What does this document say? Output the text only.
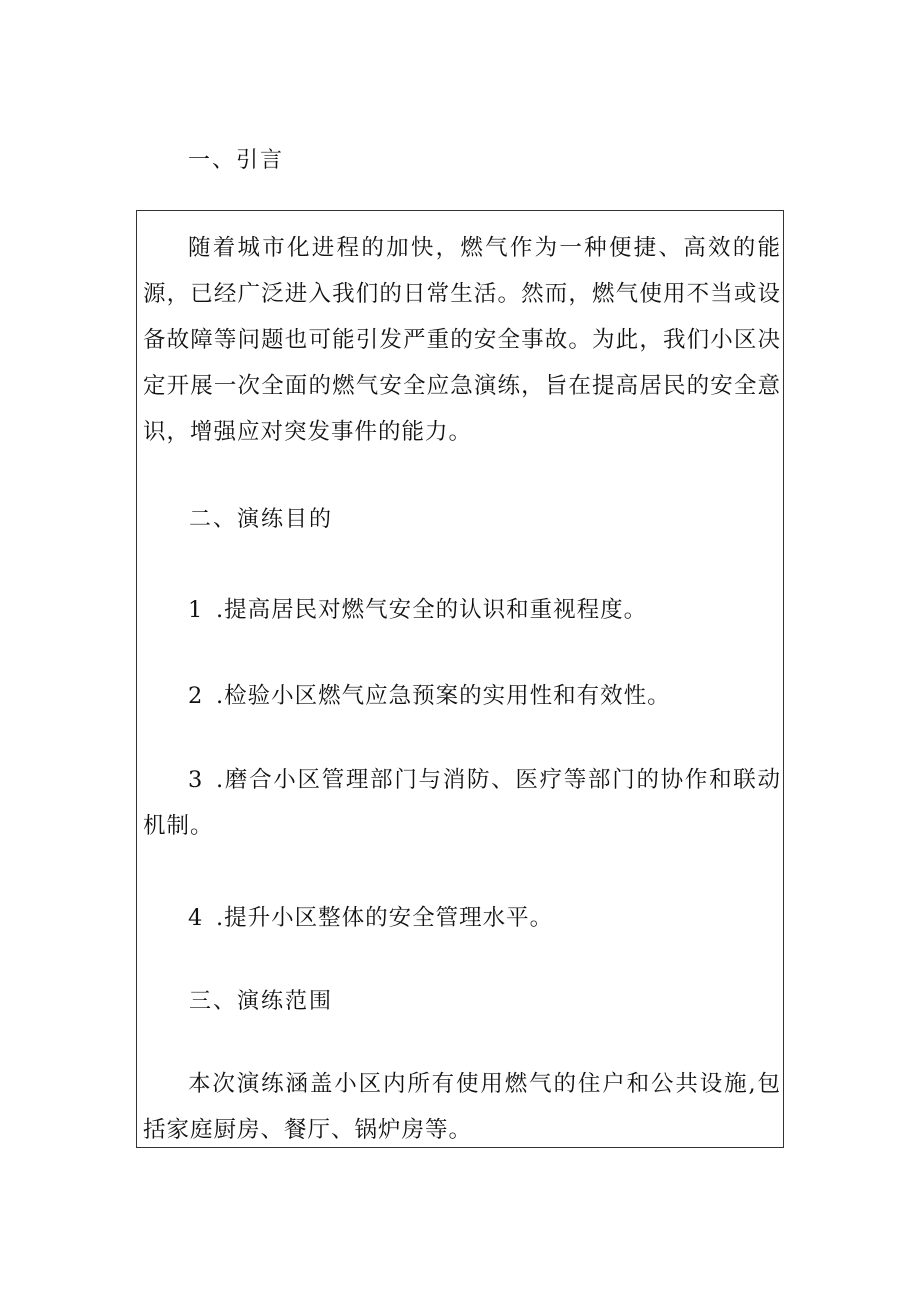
一、引言

随着城市化进程的加快，燃气作为一种便捷、高效的能源，已经广泛进入我们的日常生活。然而，燃气使用不当或设备故障等问题也可能引发严重的安全事故。为此，我们小区决定开展一次全面的燃气安全应急演练，旨在提高居民的安全意识，增强应对突发事件的能力。

二、演练目的

1 .提高居民对燃气安全的认识和重视程度。

2 .检验小区燃气应急预案的实用性和有效性。

3 .磨合小区管理部门与消防、医疗等部门的协作和联动机制。

4 .提升小区整体的安全管理水平。

三、演练范围

本次演练涵盖小区内所有使用燃气的住户和公共设施,包括家庭厨房、餐厅、锅炉房等。
